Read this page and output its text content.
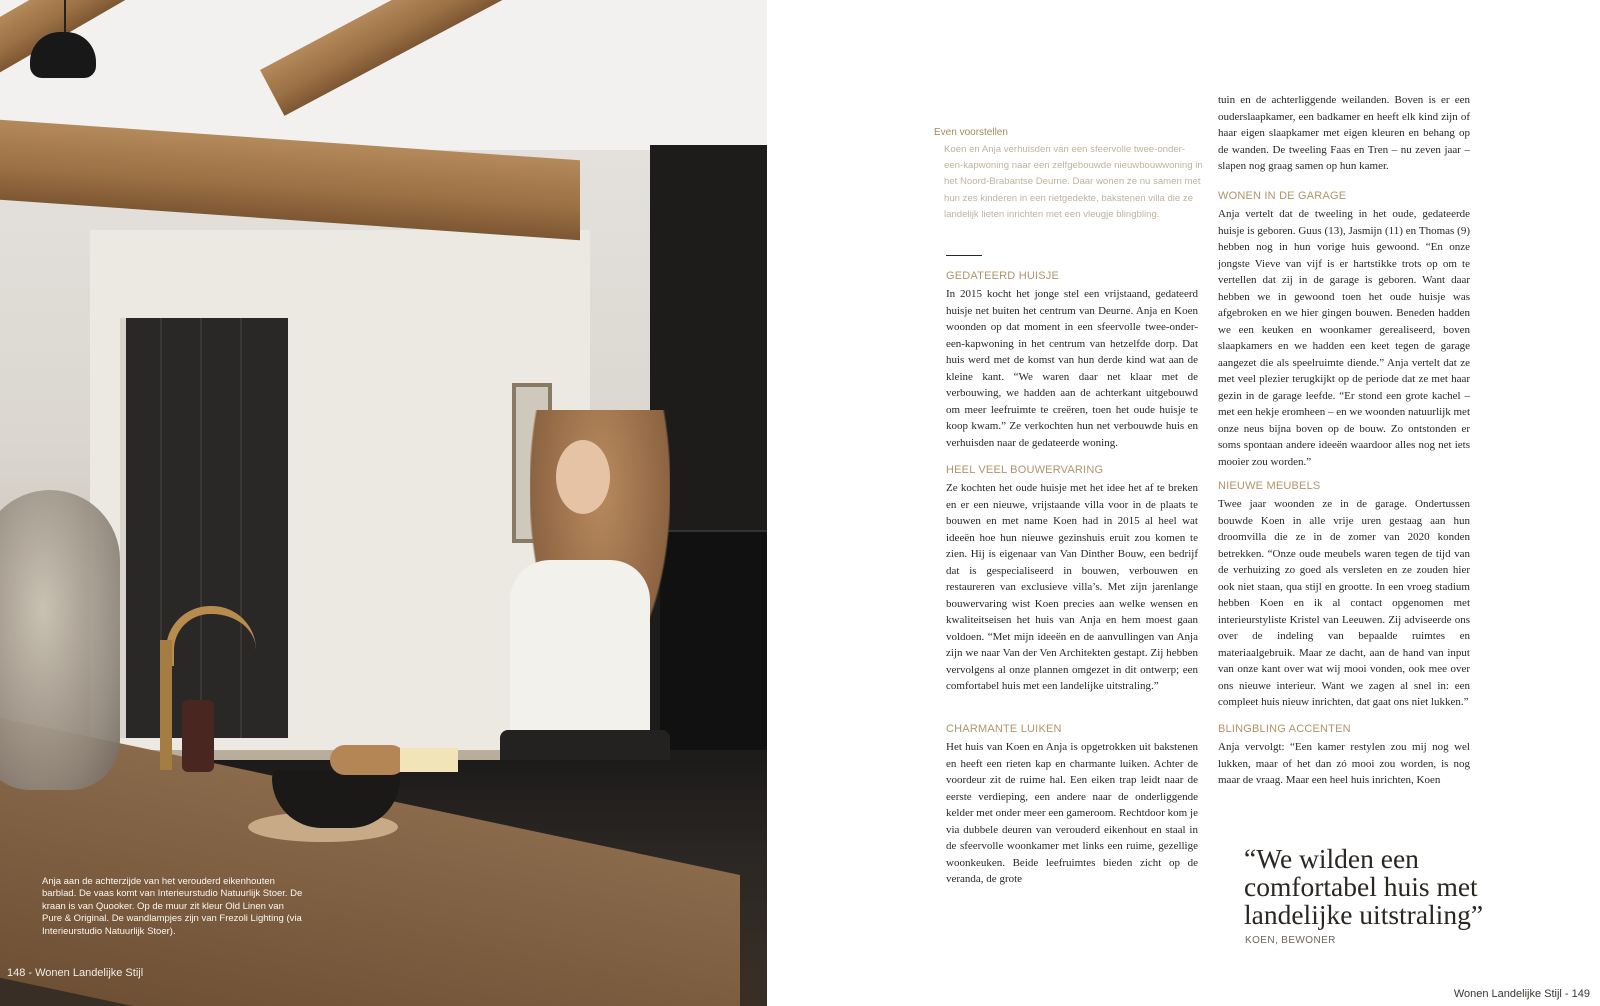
Anja aan de achterzijde van het verouderd eikenhouten barblad. De vaas komt van Interieurstudio Natuurlijk Stoer. De kraan is van Quooker. Op de muur zit kleur Old Linen van Pure & Original. De wandlampjes zijn van Frezoli Lighting (via Interieurstudio Natuurlijk Stoer).
148 - Wonen Landelijke Stijl
Even voorstellen
Koen en Anja verhuisden van een sfeervolle twee-onder-een-kapwoning naar een zelfgebouwde nieuwbouwwoning in het Noord-Brabantse Deurne. Daar wonen ze nu samen met hun zes kinderen in een rietgedekte, bakstenen villa die ze landelijk lieten inrichten met een vleugje blingbling.
GEDATEERD HUISJE
In 2015 kocht het jonge stel een vrijstaand, gedateerd huisje net buiten het centrum van Deurne. Anja en Koen woonden op dat moment in een sfeervolle twee-onder-een-kapwoning in het centrum van hetzelfde dorp. Dat huis werd met de komst van hun derde kind wat aan de kleine kant. “We waren daar net klaar met de verbouwing, we hadden aan de achterkant uitgebouwd om meer leefruimte te creëren, toen het oude huisje te koop kwam.” Ze verkochten hun net verbouwde huis en verhuisden naar de gedateerde woning.
HEEL VEEL BOUWERVARING
Ze kochten het oude huisje met het idee het af te breken en er een nieuwe, vrijstaande villa voor in de plaats te bouwen en met name Koen had in 2015 al heel wat ideeën hoe hun nieuwe gezinshuis eruit zou komen te zien. Hij is eigenaar van Van Dinther Bouw, een bedrijf dat is gespecialiseerd in bouwen, verbouwen en restaureren van exclusieve villa’s. Met zijn jarenlange bouwervaring wist Koen precies aan welke wensen en kwaliteitseisen het huis van Anja en hem moest gaan voldoen. “Met mijn ideeën en de aanvullingen van Anja zijn we naar Van der Ven Architekten gestapt. Zij hebben vervolgens al onze plannen omgezet in dit ontwerp; een comfortabel huis met een landelijke uitstraling.”
CHARMANTE LUIKEN
Het huis van Koen en Anja is opgetrokken uit bakstenen en heeft een rieten kap en charmante luiken. Achter de voordeur zit de ruime hal. Een eiken trap leidt naar de eerste verdieping, een andere naar de onderliggende kelder met onder meer een gameroom. Rechtdoor kom je via dubbele deuren van verouderd eikenhout en staal in de sfeervolle woonkamer met links een ruime, gezellige woonkeuken. Beide leefruimtes bieden zicht op de veranda, de grote
tuin en de achterliggende weilanden. Boven is er een ouderslaapkamer, een badkamer en heeft elk kind zijn of haar eigen slaapkamer met eigen kleuren en behang op de wanden. De tweeling Faas en Tren – nu zeven jaar – slapen nog graag samen op hun kamer.
WONEN IN DE GARAGE
Anja vertelt dat de tweeling in het oude, gedateerde huisje is geboren. Guus (13), Jasmijn (11) en Thomas (9) hebben nog in hun vorige huis gewoond. “En onze jongste Vieve van vijf is er hartstikke trots op om te vertellen dat zij in de garage is geboren. Want daar hebben we in gewoond toen het oude huisje was afgebroken en we hier gingen bouwen. Beneden hadden we een keuken en woonkamer gerealiseerd, boven slaapkamers en we hadden een keet tegen de garage aangezet die als speelruimte diende.” Anja vertelt dat ze met veel plezier terugkijkt op de periode dat ze met haar gezin in de garage leefde. “Er stond een grote kachel – met een hekje eromheen – en we woonden natuurlijk met onze neus bijna boven op de bouw. Zo ontstonden er soms spontaan andere ideeën waardoor alles nog net iets mooier zou worden.”
NIEUWE MEUBELS
Twee jaar woonden ze in de garage. Ondertussen bouwde Koen in alle vrije uren gestaag aan hun droomvilla die ze in de zomer van 2020 konden betrekken. “Onze oude meubels waren tegen de tijd van de verhuizing zo goed als versleten en ze zouden hier ook niet staan, qua stijl en grootte. In een vroeg stadium hebben Koen en ik al contact opgenomen met interieurstyliste Kristel van Leeuwen. Zij adviseerde ons over de indeling van bepaalde ruimtes en materiaalgebruik. Maar ze dacht, aan de hand van input van onze kant over wat wij mooi vonden, ook mee over ons nieuwe interieur. Want we zagen al snel in: een compleet huis nieuw inrichten, dat gaat ons niet lukken.”
BLINGBLING ACCENTEN
Anja vervolgt: “Een kamer restylen zou mij nog wel lukken, maar of het dan zó mooi zou worden, is nog maar de vraag. Maar een heel huis inrichten, Koen
“We wilden een comfortabel huis met landelijke uitstraling”
KOEN, BEWONER
Wonen Landelijke Stijl - 149
